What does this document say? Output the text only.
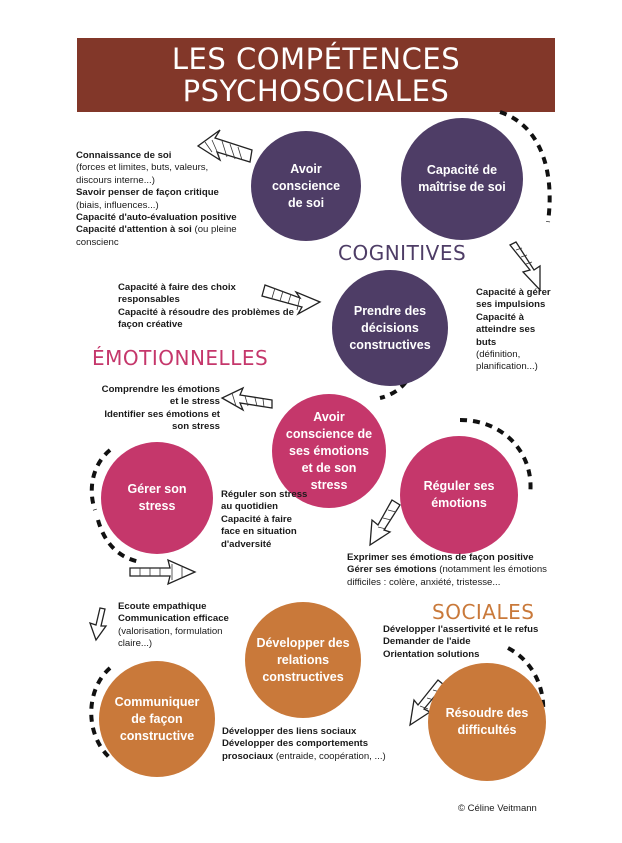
LES COMPÉTENCES
PSYCHOSOCIALES
COGNITIVES
ÉMOTIONNELLES
SOCIALES
Avoir conscience de soi
Capacité de maîtrise de soi
Prendre des décisions constructives
Avoir conscience de ses émotions et de son stress
Gérer son stress
Réguler ses émotions
Développer des relations constructives
Communiquer de façon constructive
Résoudre des difficultés

Connaissance de soi

(forces et limites, buts, valeurs, discours interne...)

Savoir penser de façon critique (biais, influences...)

Capacité d'auto-évaluation positive

Capacité d'attention à soi (ou pleine conscienc

Capacité à faire des choix responsables

Capacité à résoudre des problèmes de façon créative

Capacité à gérer ses impulsions

Capacité à atteindre ses buts

(définition, planification...)

Comprendre les émotions et le stress

Identifier ses émotions et son stress

Réguler son stress au quotidien

Capacité à faire face en situation d'adversité

Exprimer ses émotions de façon positive

Gérer ses émotions (notamment les émotions difficiles : colère, anxiété, tristesse...

Ecoute empathique

Communication efficace

(valorisation, formulation claire...)

Développer l'assertivité et le refus

Demander de l'aide

Orientation solutions

Développer des liens sociaux

Développer des comportements prosociaux (entraide, coopération, ...)

© Céline Veitmann
